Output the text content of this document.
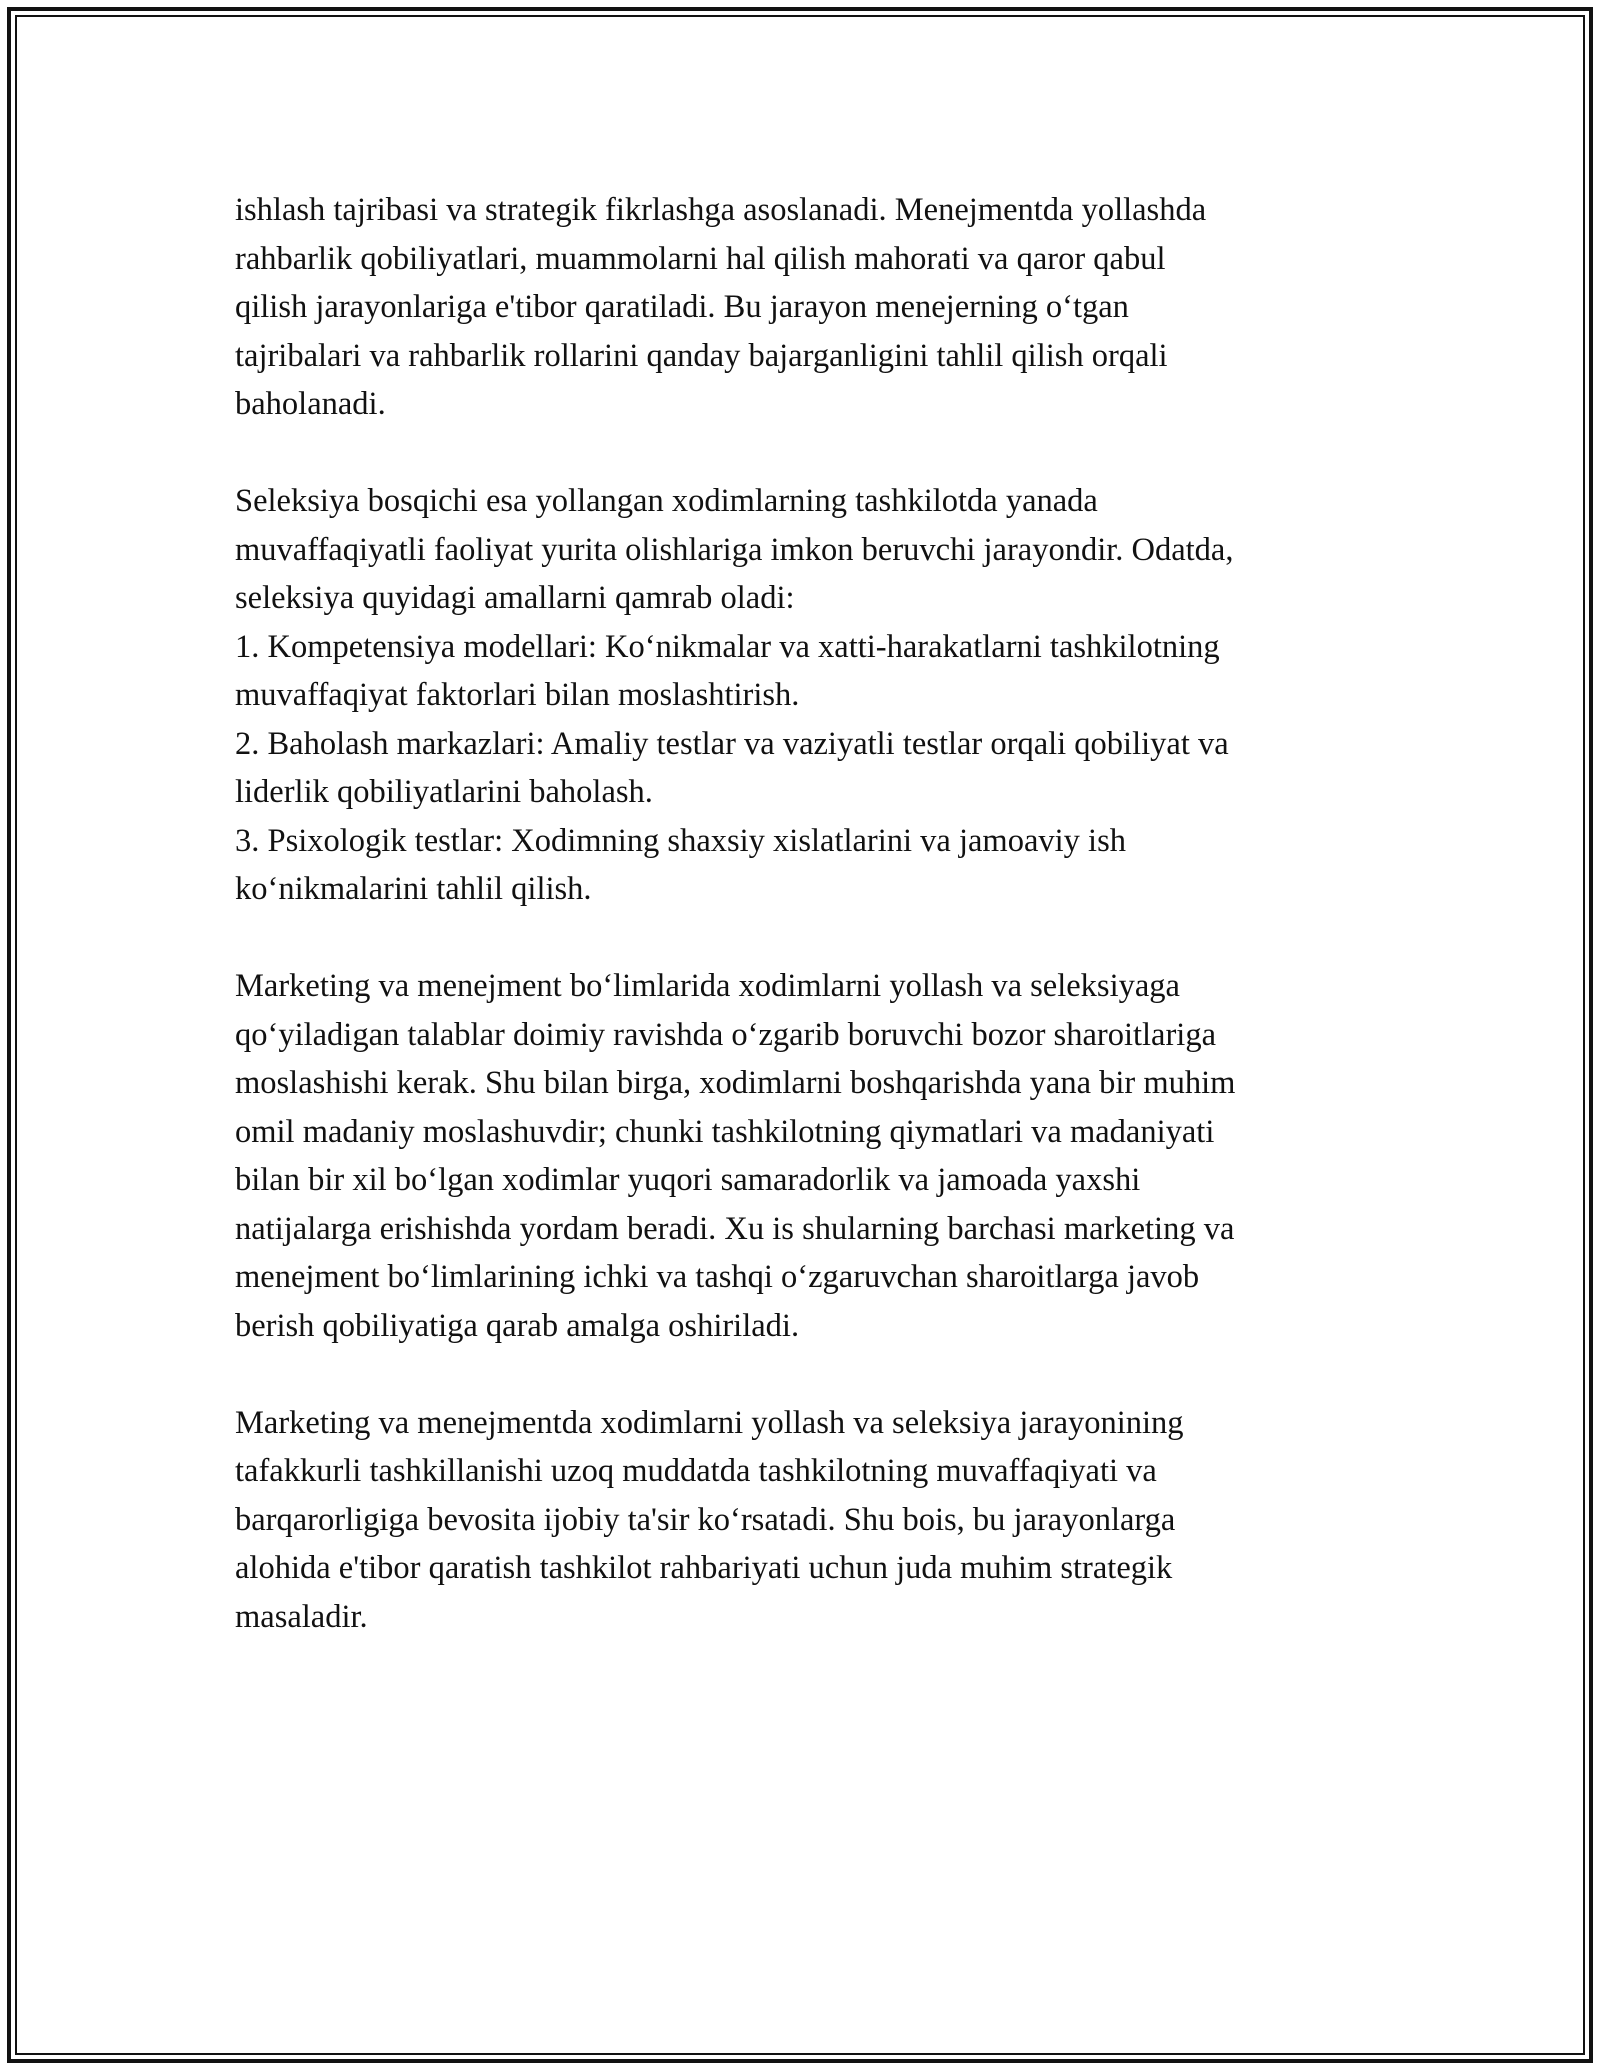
ishlash tajribasi va strategik fikrlashga asoslanadi. Menejmentda yollashda
rahbarlik qobiliyatlari, muammolarni hal qilish mahorati va qaror qabul
qilish jarayonlariga e'tibor qaratiladi. Bu jarayon menejerning o‘tgan
tajribalari va rahbarlik rollarini qanday bajarganligini tahlil qilish orqali
baholanadi.

Seleksiya bosqichi esa yollangan xodimlarning tashkilotda yanada
muvaffaqiyatli faoliyat yurita olishlariga imkon beruvchi jarayondir. Odatda,
seleksiya quyidagi amallarni qamrab oladi:
1. Kompetensiya modellari: Ko‘nikmalar va xatti-harakatlarni tashkilotning
muvaffaqiyat faktorlari bilan moslashtirish.
2. Baholash markazlari: Amaliy testlar va vaziyatli testlar orqali qobiliyat va
liderlik qobiliyatlarini baholash.
3. Psixologik testlar: Xodimning shaxsiy xislatlarini va jamoaviy ish
ko‘nikmalarini tahlil qilish.

Marketing va menejment bo‘limlarida xodimlarni yollash va seleksiyaga
qo‘yiladigan talablar doimiy ravishda o‘zgarib boruvchi bozor sharoitlariga
moslashishi kerak. Shu bilan birga, xodimlarni boshqarishda yana bir muhim
omil madaniy moslashuvdir; chunki tashkilotning qiymatlari va madaniyati
bilan bir xil bo‘lgan xodimlar yuqori samaradorlik va jamoada yaxshi
natijalarga erishishda yordam beradi. Xu is shularning barchasi marketing va
menejment bo‘limlarining ichki va tashqi o‘zgaruvchan sharoitlarga javob
berish qobiliyatiga qarab amalga oshiriladi.

Marketing va menejmentda xodimlarni yollash va seleksiya jarayonining
tafakkurli tashkillanishi uzoq muddatda tashkilotning muvaffaqiyati va
barqarorligiga bevosita ijobiy ta'sir ko‘rsatadi. Shu bois, bu jarayonlarga
alohida e'tibor qaratish tashkilot rahbariyati uchun juda muhim strategik
masaladir.
